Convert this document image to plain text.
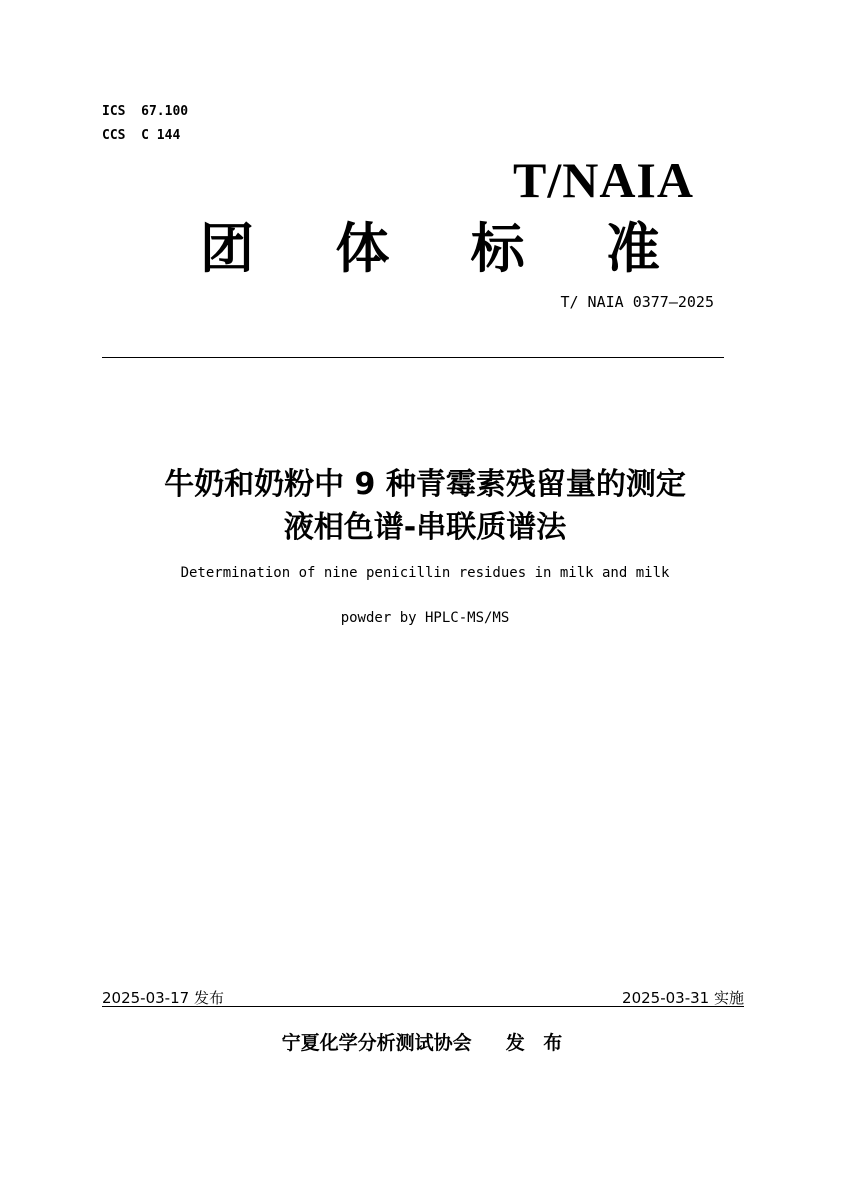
ICS  67.100
CCS  C 144
T/NAIA
团 体 标 准
T/ NAIA 0377—2025
牛奶和奶粉中 9 种青霉素残留量的测定
液相色谱-串联质谱法
Determination of nine penicillin residues in milk and milk
powder by HPLC-MS/MS
2025-03-17 发布	2025-03-31 实施
宁夏化学分析测试协会 发 布
